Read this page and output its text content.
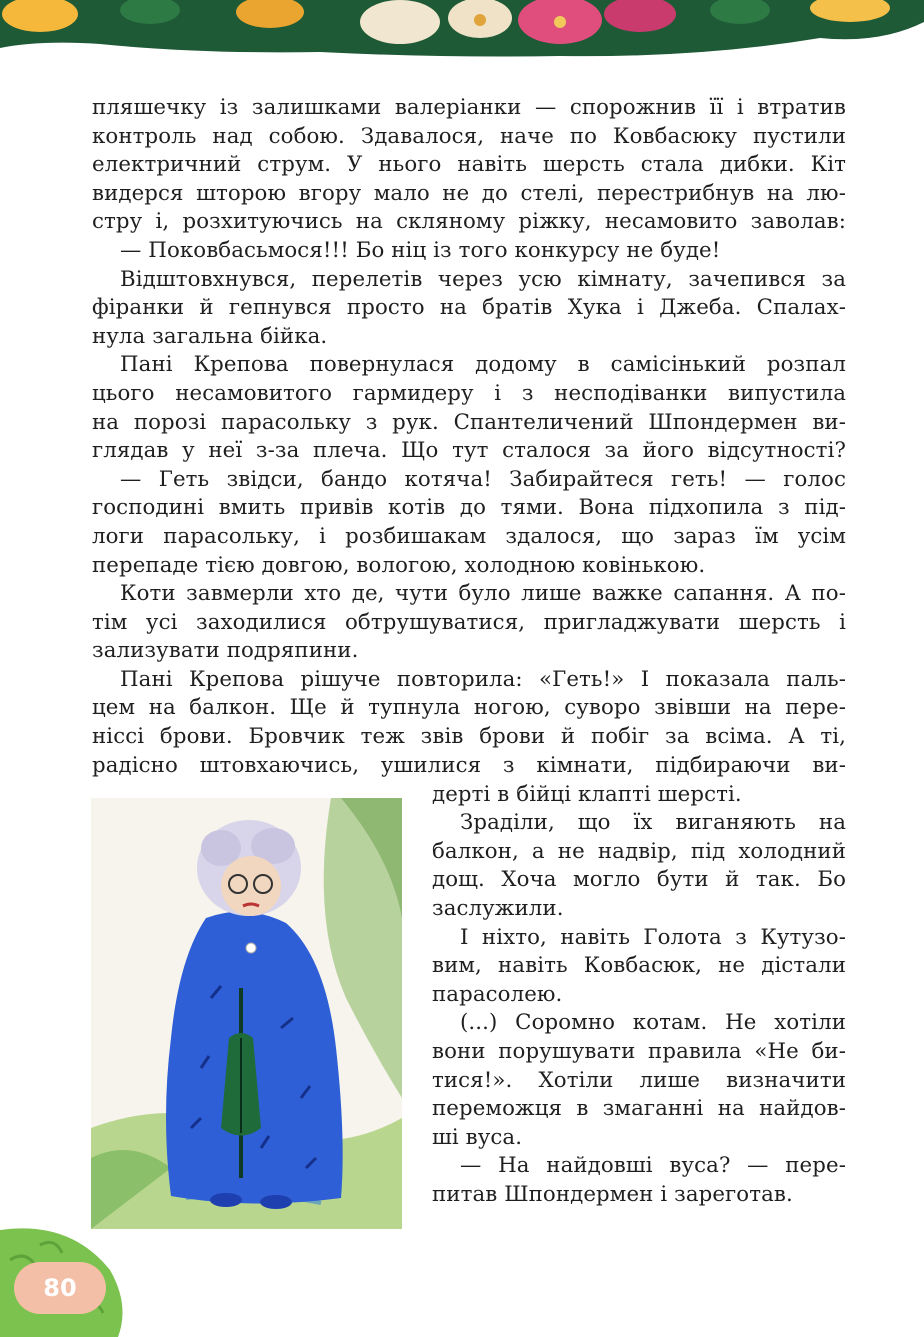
пляшечку із залишками валеріанки — спорожнив її і втратив
контроль над собою. Здавалося, наче по Ковбасюку пустили
електричний струм. У нього навіть шерсть стала дибки. Кіт
видерся шторою вгору мало не до стелі, перестрибнув на лю-
стру і, розхитуючись на скляному ріжку, несамовито заволав:
— Поковбасьмося!!! Бо ніц із того конкурсу не буде!
Відштовхнувся, перелетів через усю кімнату, зачепився за
фіранки й гепнувся просто на братів Хука і Джеба. Спалах-
нула загальна бійка.
Пані Крепова повернулася додому в самісінький розпал
цього несамовитого гармидеру і з несподіванки випустила
на порозі парасольку з рук. Спантеличений Шпондермен ви-
глядав у неї з-за плеча. Що тут сталося за його відсутності?
— Геть звідси, бандо котяча! Забирайтеся геть! — голос
господині вмить привів котів до тями. Вона підхопила з під-
логи парасольку, і розбишакам здалося, що зараз їм усім
перепаде тією довгою, вологою, холодною ковінькою.
Коти завмерли хто де, чути було лише важке сапання. А по-
тім усі заходилися обтрушуватися, пригладжувати шерсть і
зализувати подряпини.
Пані Крепова рішуче повторила: «Геть!» І показала паль-
цем на балкон. Ще й тупнула ногою, суворо звівши на пере-
ніссі брови. Бровчик теж звів брови й побіг за всіма. А ті,
радісно штовхаючись, ушилися з кімнати, підбираючи ви-
дерті в бійці клапті шерсті.
Зраділи, що їх виганяють на
балкон, а не надвір, під холодний
дощ. Хоча могло бути й так. Бо
заслужили.
І ніхто, навіть Голота з Кутузо-
вим, навіть Ковбасюк, не дістали
парасолею.
(...) Соромно котам. Не хотіли
вони порушувати правила «Не би-
тися!». Хотіли лише визначити
переможця в змаганні на найдов-
ші вуса.
— На найдовші вуса? — пере-
питав Шпондермен і зареготав.
80
